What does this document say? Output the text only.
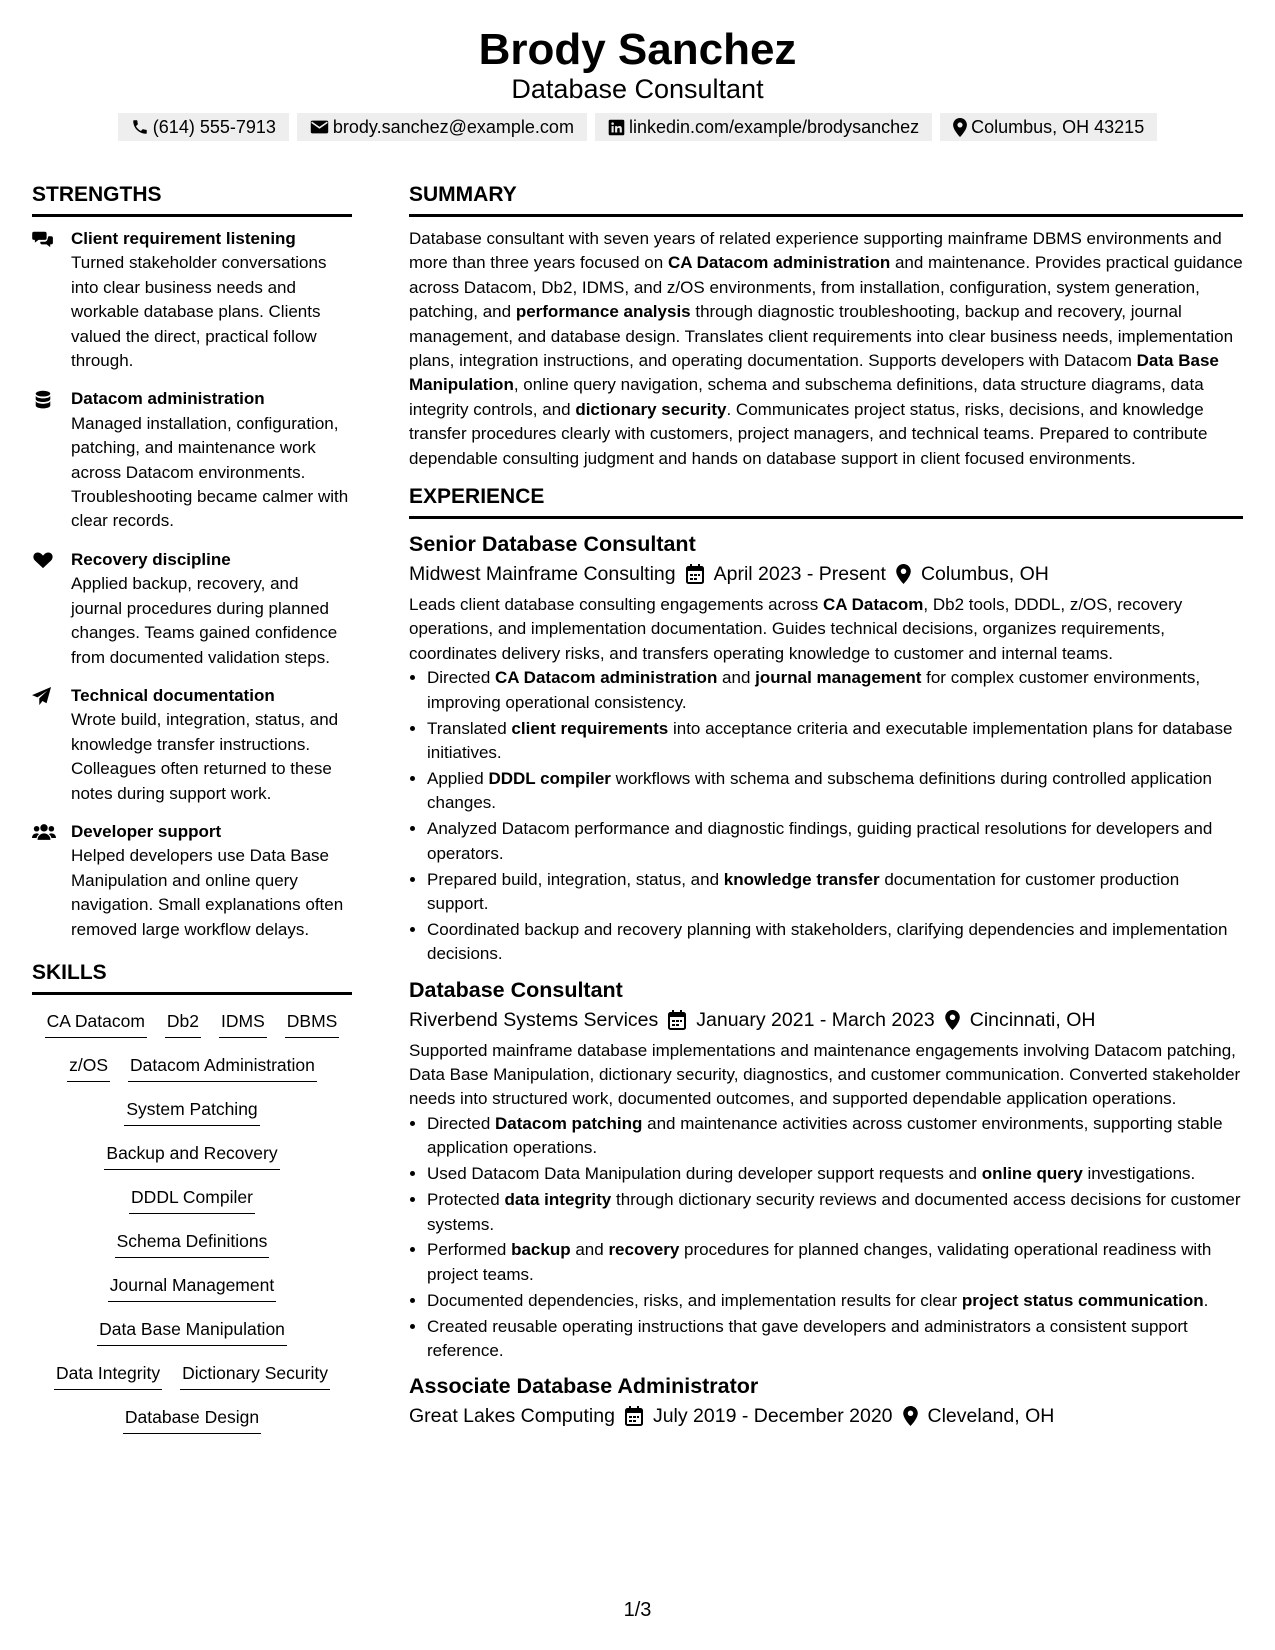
Brody Sanchez
Database Consultant
(614) 555-7913	brody.sanchez@example.com	linkedin.com/example/brodysanchez	Columbus, OH 43215
STRENGTHS
Client requirement listening
Turned stakeholder conversations into clear business needs and workable database plans. Clients valued the direct, practical follow through.
Datacom administration
Managed installation, configuration, patching, and maintenance work across Datacom environments. Troubleshooting became calmer with clear records.
Recovery discipline
Applied backup, recovery, and journal procedures during planned changes. Teams gained confidence from documented validation steps.
Technical documentation
Wrote build, integration, status, and knowledge transfer instructions. Colleagues often returned to these notes during support work.
Developer support
Helped developers use Data Base Manipulation and online query navigation. Small explanations often removed large workflow delays.
SKILLS
CA Datacom Db2 IDMS DBMS
z/OS Datacom Administration
System Patching
Backup and Recovery
DDDL Compiler
Schema Definitions
Journal Management
Data Base Manipulation
Data Integrity Dictionary Security
Database Design
SUMMARY
Database consultant with seven years of related experience supporting mainframe DBMS environments and more than three years focused on CA Datacom administration and maintenance. Provides practical guidance across Datacom, Db2, IDMS, and z/OS environments, from installation, configuration, system generation, patching, and performance analysis through diagnostic troubleshooting, backup and recovery, journal management, and database design. Translates client requirements into clear business needs, implementation plans, integration instructions, and operating documentation. Supports developers with Datacom Data Base Manipulation, online query navigation, schema and subschema definitions, data structure diagrams, data integrity controls, and dictionary security. Communicates project status, risks, decisions, and knowledge transfer procedures clearly with customers, project managers, and technical teams. Prepared to contribute dependable consulting judgment and hands on database support in client focused environments.
EXPERIENCE
Senior Database Consultant
Midwest Mainframe Consulting April 2023 - Present Columbus, OH
Leads client database consulting engagements across CA Datacom, Db2 tools, DDDL, z/OS, recovery operations, and implementation documentation. Guides technical decisions, organizes requirements, coordinates delivery risks, and transfers operating knowledge to customer and internal teams.
• Directed CA Datacom administration and journal management for complex customer environments, improving operational consistency.
• Translated client requirements into acceptance criteria and executable implementation plans for database initiatives.
• Applied DDDL compiler workflows with schema and subschema definitions during controlled application changes.
• Analyzed Datacom performance and diagnostic findings, guiding practical resolutions for developers and operators.
• Prepared build, integration, status, and knowledge transfer documentation for customer production support.
• Coordinated backup and recovery planning with stakeholders, clarifying dependencies and implementation decisions.
Database Consultant
Riverbend Systems Services January 2021 - March 2023 Cincinnati, OH
Supported mainframe database implementations and maintenance engagements involving Datacom patching, Data Base Manipulation, dictionary security, diagnostics, and customer communication. Converted stakeholder needs into structured work, documented outcomes, and supported dependable application operations.
• Directed Datacom patching and maintenance activities across customer environments, supporting stable application operations.
• Used Datacom Data Manipulation during developer support requests and online query investigations.
• Protected data integrity through dictionary security reviews and documented access decisions for customer systems.
• Performed backup and recovery procedures for planned changes, validating operational readiness with project teams.
• Documented dependencies, risks, and implementation results for clear project status communication.
• Created reusable operating instructions that gave developers and administrators a consistent support reference.
Associate Database Administrator
Great Lakes Computing July 2019 - December 2020 Cleveland, OH
1/3
